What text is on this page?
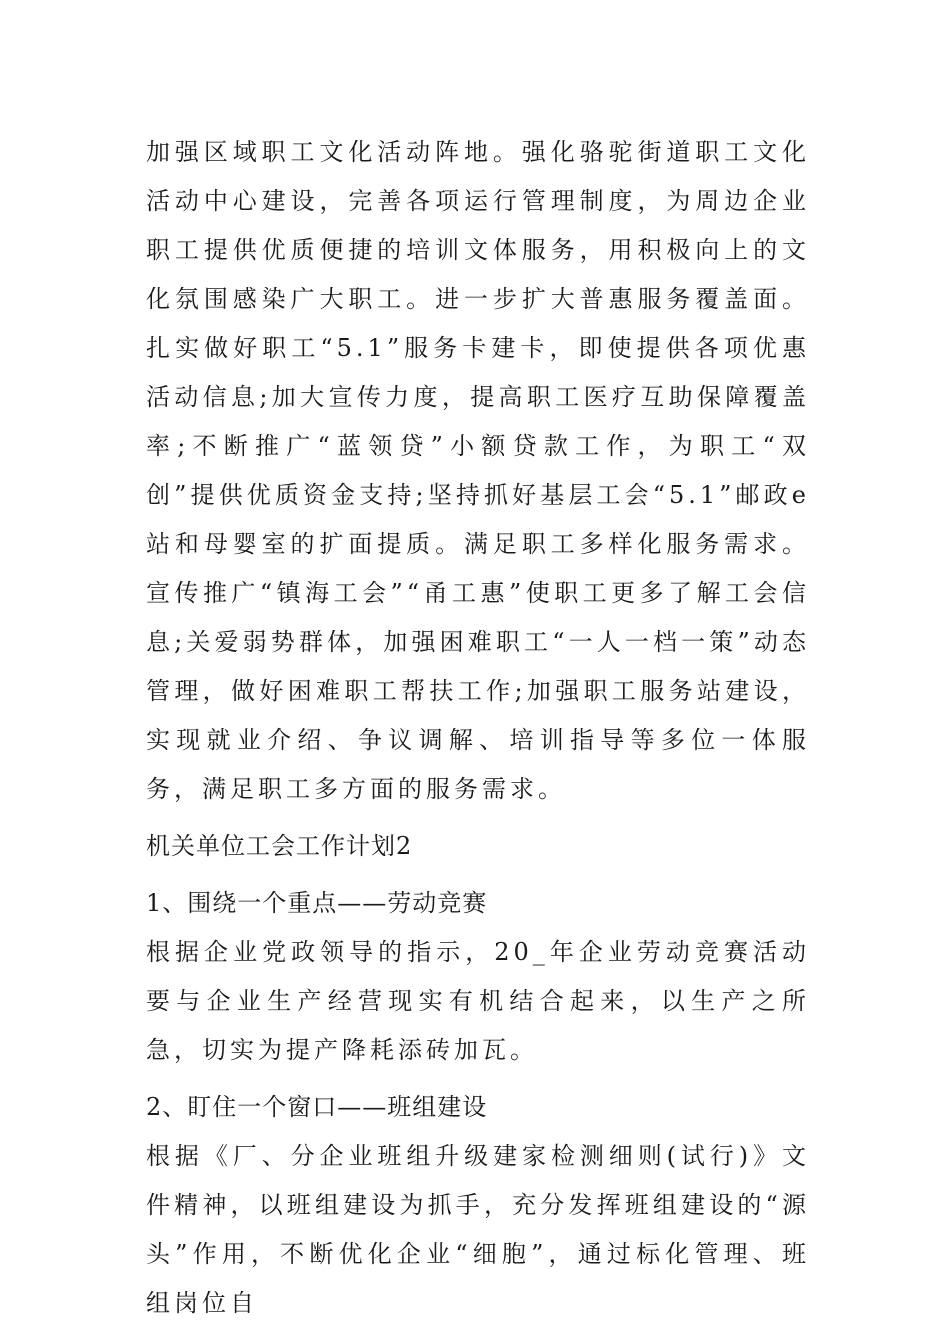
加强区域职工文化活动阵地。强化骆驼街道职工文化活动中心建设，完善各项运行管理制度，为周边企业职工提供优质便捷的培训文体服务，用积极向上的文化氛围感染广大职工。进一步扩大普惠服务覆盖面。扎实做好职工“5.1”服务卡建卡，即使提供各项优惠活动信息;加大宣传力度，提高职工医疗互助保障覆盖率;不断推广“蓝领贷”小额贷款工作，为职工“双创”提供优质资金支持;坚持抓好基层工会“5.1”邮政e站和母婴室的扩面提质。满足职工多样化服务需求。宣传推广“镇海工会”“甬工惠”使职工更多了解工会信息;关爱弱势群体，加强困难职工“一人一档一策”动态管理，做好困难职工帮扶工作;加强职工服务站建设，实现就业介绍、争议调解、培训指导等多位一体服务，满足职工多方面的服务需求。

机关单位工会工作计划2

1、围绕一个重点——劳动竞赛

根据企业党政领导的指示，20_年企业劳动竞赛活动要与企业生产经营现实有机结合起来，以生产之所急，切实为提产降耗添砖加瓦。

2、盯住一个窗口——班组建设

根据《厂、分企业班组升级建家检测细则(试行)》文件精神，以班组建设为抓手，充分发挥班组建设的“源头”作用，不断优化企业“细胞”，通过标化管理、班组岗位自
